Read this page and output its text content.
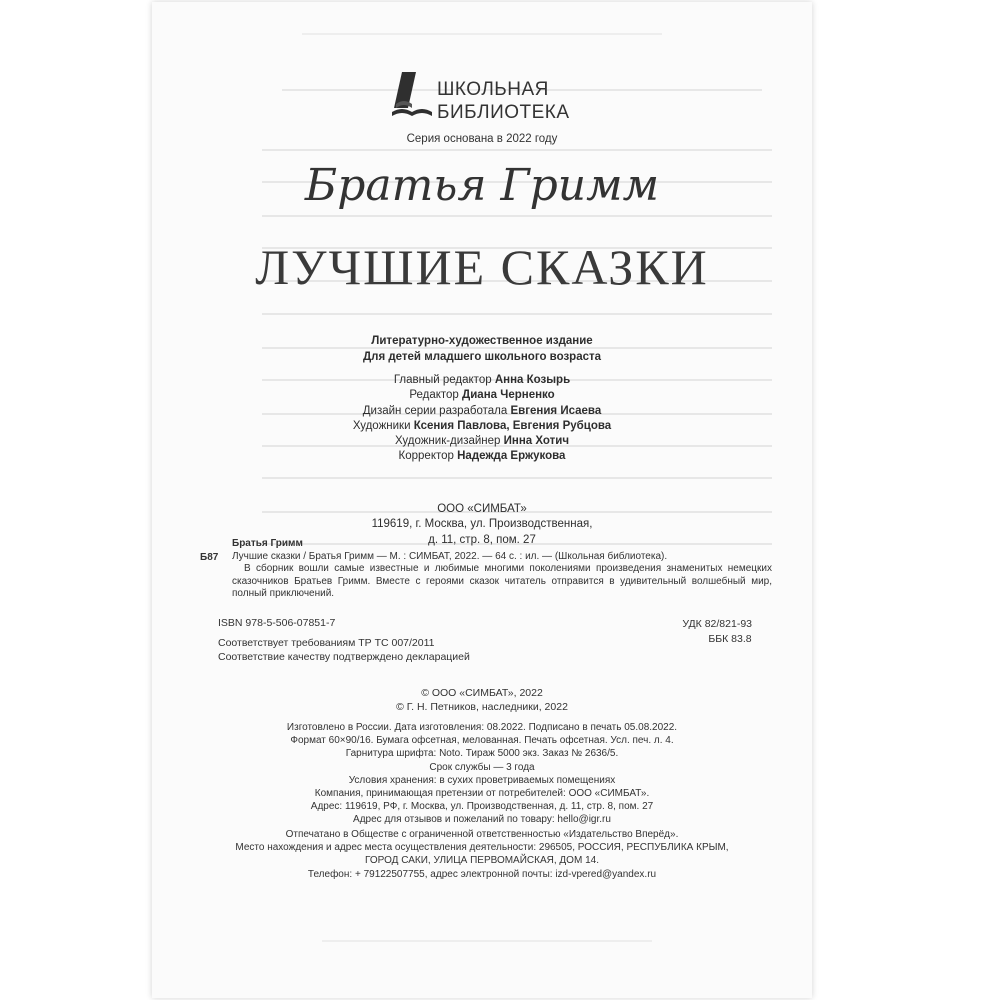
ШКОЛЬНАЯ
БИБЛИОТЕКА
Серия основана в 2022 году
Братья Гримм
ЛУЧШИЕ СКАЗКИ
Литературно-художественное издание
Для детей младшего школьного возраста
Главный редактор Анна Козырь
Редактор Диана Черненко
Дизайн серии разработала Евгения Исаева
Художники Ксения Павлова, Евгения Рубцова
Художник-дизайнер Инна Хотич
Корректор Надежда Ержукова
ООО «СИМБАТ»
119619, г. Москва, ул. Производственная,
д. 11, стр. 8, пом. 27
Б87
Братья Гримм
Лучшие сказки / Братья Гримм — М. : СИМБАТ, 2022. — 64 с. : ил. — (Школьная библиотека).
В сборник вошли самые известные и любимые многими поколениями произведения знаменитых немецких сказочников Братьев Гримм. Вместе с героями сказок читатель отправится в удивительный волшебный мир, полный приключений.
ISBN 978-5-506-07851-7	УДК 82/821-93
ББК 83.8
Соответствует требованиям ТР ТС 007/2011
Соответствие качеству подтверждено декларацией
© ООО «СИМБАТ», 2022
© Г. Н. Петников, наследники, 2022
Изготовлено в России. Дата изготовления: 08.2022. Подписано в печать 05.08.2022.
Формат 60×90/16. Бумага офсетная, мелованная. Печать офсетная. Усл. печ. л. 4.
Гарнитура шрифта: Noto. Тираж 5000 экз. Заказ № 2636/5.
Срок службы — 3 года
Условия хранения: в сухих проветриваемых помещениях
Компания, принимающая претензии от потребителей: ООО «СИМБАТ».
Адрес: 119619, РФ, г. Москва, ул. Производственная, д. 11, стр. 8, пом. 27
Адрес для отзывов и пожеланий по товару: hello@igr.ru
Отпечатано в Обществе с ограниченной ответственностью «Издательство Вперёд».
Место нахождения и адрес места осуществления деятельности: 296505, РОССИЯ, РЕСПУБЛИКА КРЫМ,
ГОРОД САКИ, УЛИЦА ПЕРВОМАЙСКАЯ, ДОМ 14.
Телефон: + 79122507755, адрес электронной почты: izd-vpered@yandex.ru
